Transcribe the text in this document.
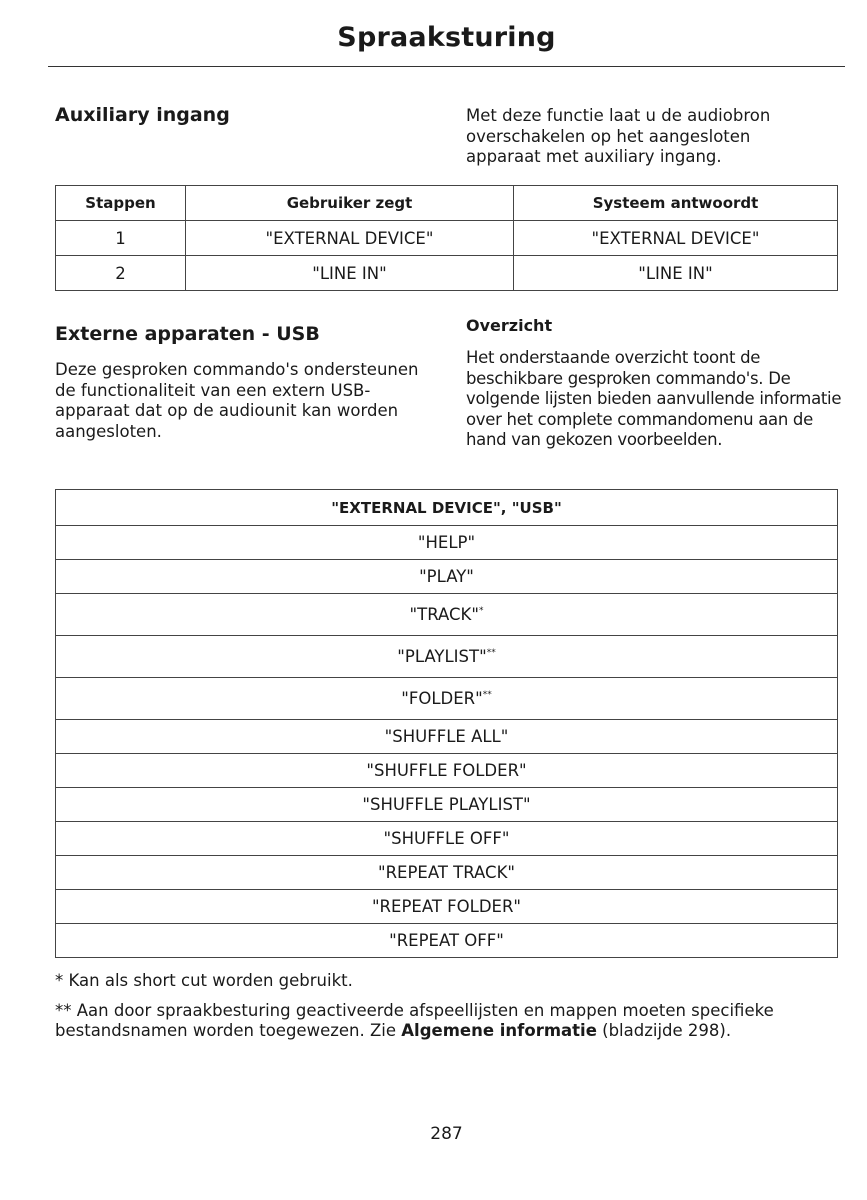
Spraaksturing
Auxiliary ingang	Met deze functie laat u de audiobron overschakelen op het aangesloten apparaat met auxiliary ingang.

Stappen	Gebruiker zegt	Systeem antwoordt
1	"EXTERNAL DEVICE"	"EXTERNAL DEVICE"
2	"LINE IN"	"LINE IN"
Externe apparaten - USB

Deze gesproken commando's ondersteunen de functionaliteit van een extern USB-apparaat dat op de audiounit kan worden aangesloten.

Overzicht

Het onderstaande overzicht toont de beschikbare gesproken commando's. De volgende lijsten bieden aanvullende informatie over het complete commandomenu aan de hand van gekozen voorbeelden.

"EXTERNAL DEVICE", "USB"
"HELP"
"PLAY"
"TRACK"*
"PLAYLIST"**
"FOLDER"**
"SHUFFLE ALL"
"SHUFFLE FOLDER"
"SHUFFLE PLAYLIST"
"SHUFFLE OFF"
"REPEAT TRACK"
"REPEAT FOLDER"
"REPEAT OFF"

* Kan als short cut worden gebruikt.

** Aan door spraakbesturing geactiveerde afspeellijsten en mappen moeten specifieke bestandsnamen worden toegewezen. Zie Algemene informatie (bladzijde 298).

287
